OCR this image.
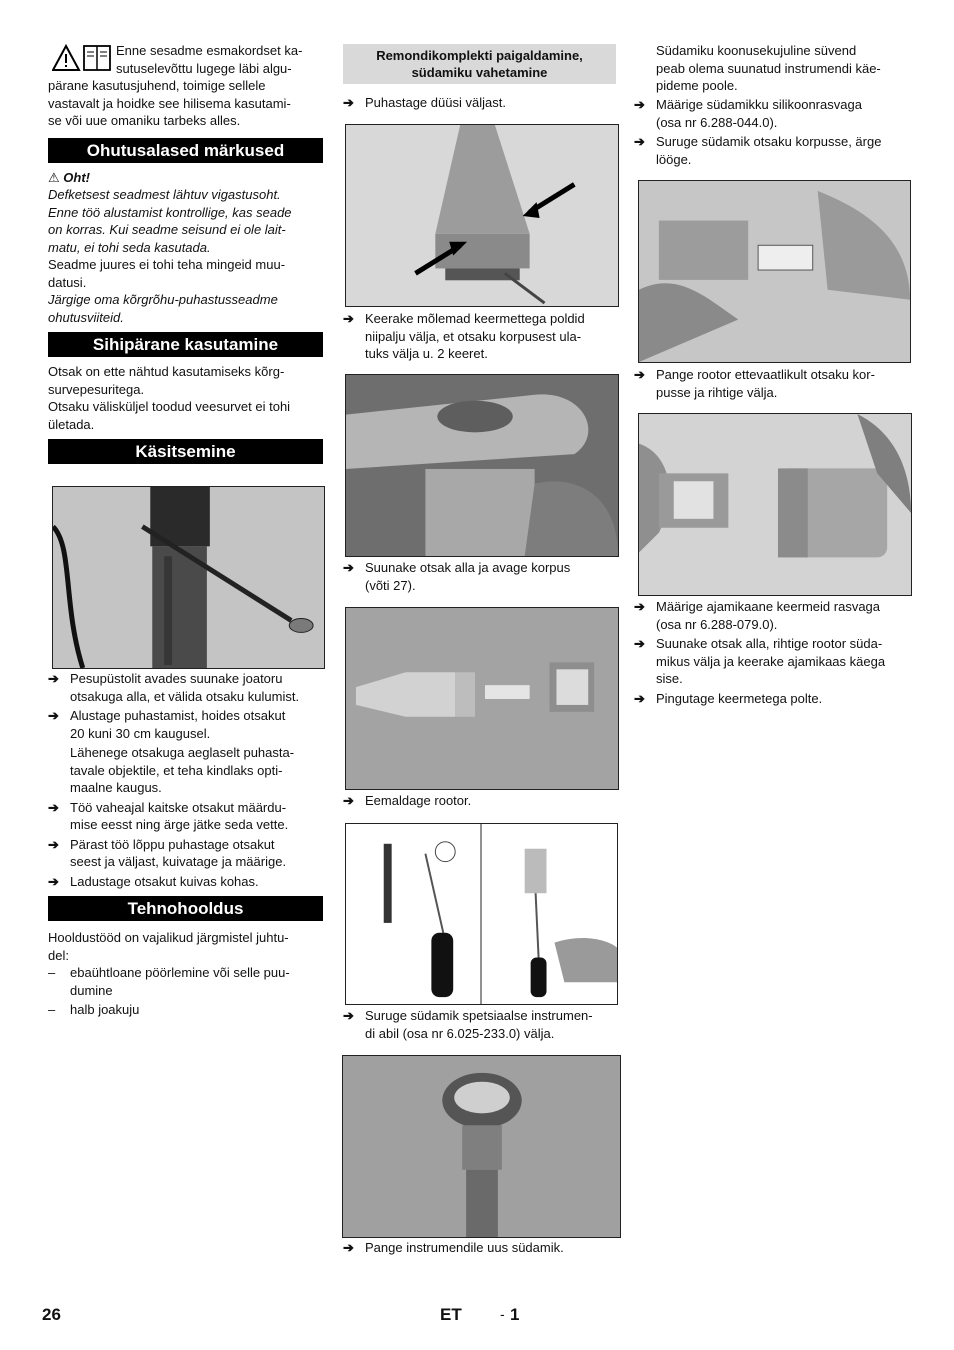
Enne sesadme esmakordset ka-

sutuselevõttu lugege läbi algu-

pärane kasutusjuhend, toimige sellele

vastavalt ja hoidke see hilisema kasutami-

se või uue omaniku tarbeks alles.

Ohutusalased märkused
⚠ Oht!

Defketsest seadmest lähtuv vigastusoht.

Enne töö alustamist kontrollige, kas seade

on korras. Kui seadme seisund ei ole lait-

matu, ei tohi seda kasutada.

Seadme juures ei tohi teha mingeid muu-

datusi.

Järgige oma kõrgrõhu-puhastusseadme

ohutusviiteid.

Sihipärane kasutamine

Otsak on ette nähtud kasutamiseks kõrg-

survepesuritega.

Otsaku välisküljel toodud veesurvet ei tohi

ületada.

Käsitsemine
➔ Pesupüstolit avades suunake joatoru

otsakuga alla, et välida otsaku kulumist.

➔ Alustage puhastamist, hoides otsakut

20 kuni 30 cm kaugusel.

Lähenege otsakuga aeglaselt puhasta-

tavale objektile, et teha kindlaks opti-

maalne kaugus.

➔ Töö vaheajal kaitske otsakut määrdu-

mise eesst ning ärge jätke seda vette.

➔ Pärast töö lõppu puhastage otsakut

seest ja väljast, kuivatage ja määrige.

➔ Ladustage otsakut kuivas kohas.

Tehnohooldus

Hooldustööd on vajalikud järgmistel juhtu-

del:

– ebaühtloane pöörlemine või selle puu-

dumine

– halb joakuju

Remondikomplekti paigaldamine,
südamiku vahetamine
➔ Puhastage düüsi väljast.

➔ Keerake mõlemad keermettega poldid

niipalju välja, et otsaku korpusest ula-

tuks välja u. 2 keeret.

➔ Suunake otsak alla ja avage korpus

(võti 27).

➔ Eemaldage rootor.

➔ Suruge südamik spetsiaalse instrumen-

di abil (osa nr 6.025-233.0) välja.

➔ Pange instrumendile uus südamik.

Südamiku koonusekujuline süvend

peab olema suunatud instrumendi käe-

pideme poole.

➔ Määrige südamikku silikoonrasvaga

(osa nr 6.288-044.0).

➔ Suruge südamik otsaku korpusse, ärge

lööge.

➔ Pange rootor ettevaatlikult otsaku kor-

pusse ja rihtige välja.

➔ Määrige ajamikaane keermeid rasvaga

(osa nr 6.288-079.0).

➔ Suunake otsak alla, rihtige rootor süda-

mikus välja ja keerake ajamikaas käega

sise.

➔ Pingutage keermetega polte.

26	ET	- 1
